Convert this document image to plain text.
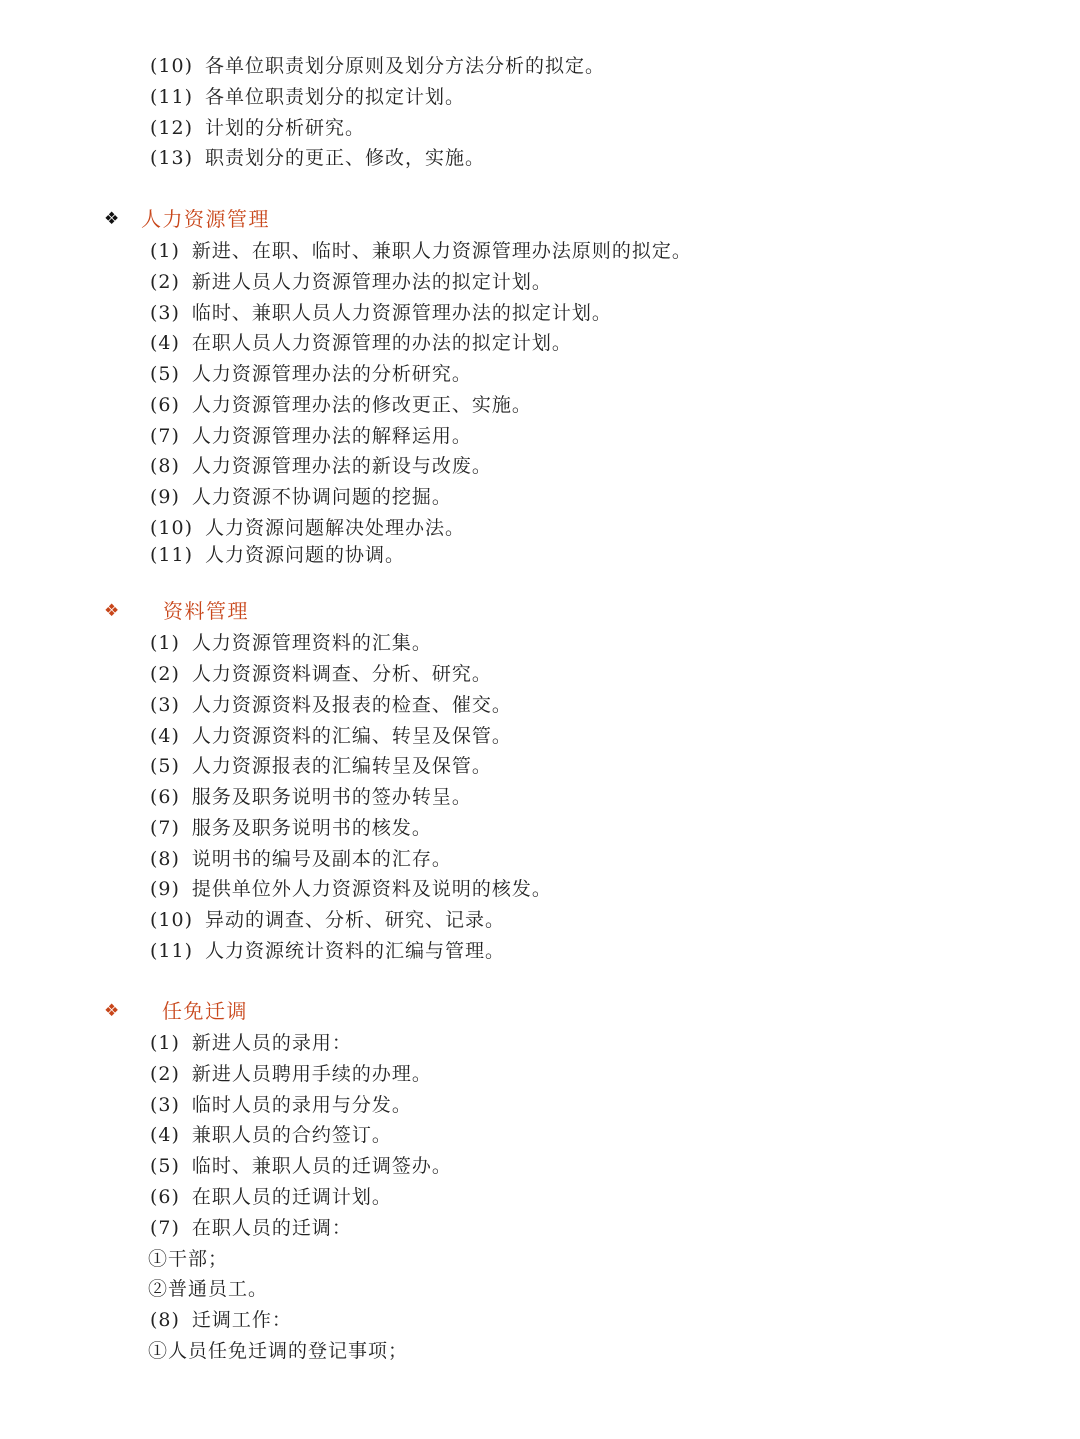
(10) 各单位职责划分原则及划分方法分析的拟定。
(11) 各单位职责划分的拟定计划。
(12) 计划的分析研究。
(13) 职责划分的更正、修改，实施。
❖ 人力资源管理
(1) 新进、在职、临时、兼职人力资源管理办法原则的拟定。
(2) 新进人员人力资源管理办法的拟定计划。
(3) 临时、兼职人员人力资源管理办法的拟定计划。
(4) 在职人员人力资源管理的办法的拟定计划。
(5) 人力资源管理办法的分析研究。
(6) 人力资源管理办法的修改更正、实施。
(7) 人力资源管理办法的解释运用。
(8) 人力资源管理办法的新设与改废。
(9) 人力资源不协调问题的挖掘。
(10) 人力资源问题解决处理办法。
(11) 人力资源问题的协调。
❖ 资料管理
(1) 人力资源管理资料的汇集。
(2) 人力资源资料调查、分析、研究。
(3) 人力资源资料及报表的检查、催交。
(4) 人力资源资料的汇编、转呈及保管。
(5) 人力资源报表的汇编转呈及保管。
(6) 服务及职务说明书的签办转呈。
(7) 服务及职务说明书的核发。
(8) 说明书的编号及副本的汇存。
(9) 提供单位外人力资源资料及说明的核发。
(10) 异动的调查、分析、研究、记录。
(11) 人力资源统计资料的汇编与管理。
❖ 任免迁调
(1) 新进人员的录用：
(2) 新进人员聘用手续的办理。
(3) 临时人员的录用与分发。
(4) 兼职人员的合约签订。
(5) 临时、兼职人员的迁调签办。
(6) 在职人员的迁调计划。
(7) 在职人员的迁调：
①干部；
②普通员工。
(8) 迁调工作：
①人员任免迁调的登记事项；
